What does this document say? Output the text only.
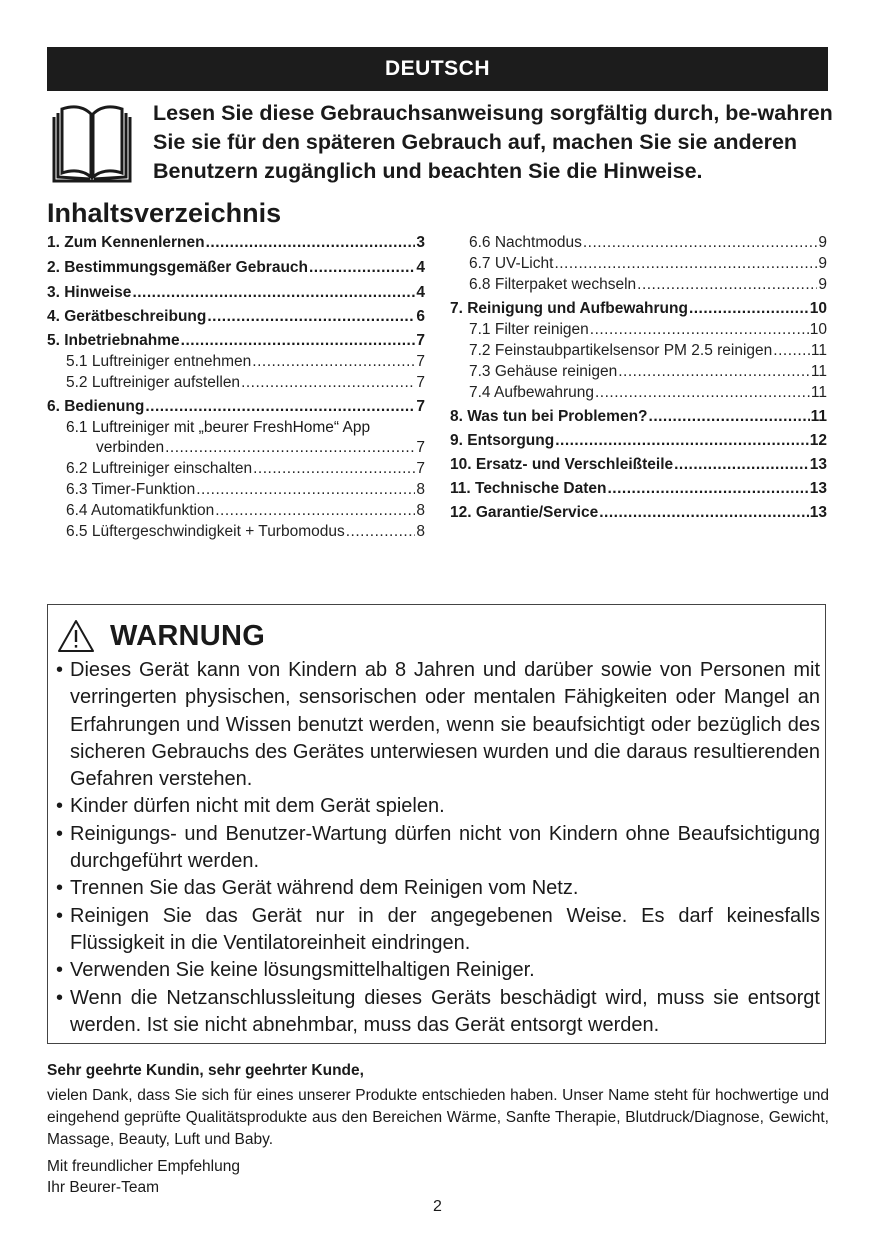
DEUTSCH
Lesen Sie diese Gebrauchsanweisung sorgfältig durch, be-wahren Sie sie für den späteren Gebrauch auf, machen Sie sie anderen Benutzern zugänglich und beachten Sie die Hinweise.
Inhaltsverzeichnis
1. Zum Kennenlernen .....	3
2. Bestimmungsgemäßer Gebrauch .....	4
3. Hinweise .....	4
4. Gerätbeschreibung .....	6
5. Inbetriebnahme .....	7
5.1 Luftreiniger entnehmen .....	7
5.2 Luftreiniger aufstellen .....	7
6. Bedienung .....	7
6.1 Luftreiniger mit „beurer FreshHome“ App
verbinden .....	7
6.2 Luftreiniger einschalten .....	7
6.3 Timer-Funktion .....	8
6.4 Automatikfunktion .....	8
6.5 Lüftergeschwindigkeit + Turbomodus .....	8
6.6 Nachtmodus .....	9
6.7 UV-Licht .....	9
6.8 Filterpaket wechseln .....	9
7. Reinigung und Aufbewahrung .....	10
7.1 Filter reinigen .....	10
7.2 Feinstaubpartikelsensor PM 2.5 reinigen ..... 11
7.3 Gehäuse reinigen .....	11
7.4 Aufbewahrung .....	11
8. Was tun bei Problemen? .....	11
9. Entsorgung .....	12
10. Ersatz- und Verschleißteile .....	13
11. Technische Daten .....	13
12. Garantie/Service .....	13
WARNUNG
• Dieses Gerät kann von Kindern ab 8 Jahren und darüber sowie von Personen mit verringerten physischen, sensorischen oder mentalen Fähigkeiten oder Mangel an Erfahrungen und Wissen benutzt werden, wenn sie beaufsichtigt oder bezüglich des sicheren Gebrauchs des Gerätes unterwiesen wurden und die daraus resultierenden Gefahren verstehen.
• Kinder dürfen nicht mit dem Gerät spielen.
• Reinigungs- und Benutzer-Wartung dürfen nicht von Kindern ohne Beaufsichtigung durchgeführt werden.
• Trennen Sie das Gerät während dem Reinigen vom Netz.
• Reinigen Sie das Gerät nur in der angegebenen Weise. Es darf keinesfalls Flüssigkeit in die Ventilatoreinheit eindringen.
• Verwenden Sie keine lösungsmittelhaltigen Reiniger.
• Wenn die Netzanschlussleitung dieses Geräts beschädigt wird, muss sie entsorgt werden. Ist sie nicht abnehmbar, muss das Gerät entsorgt werden.
Sehr geehrte Kundin, sehr geehrter Kunde,
vielen Dank, dass Sie sich für eines unserer Produkte entschieden haben. Unser Name steht für hochwertige und eingehend geprüfte Qualitätsprodukte aus den Bereichen Wärme, Sanfte Therapie, Blutdruck/Diagnose, Gewicht, Massage, Beauty, Luft und Baby.
Mit freundlicher Empfehlung
Ihr Beurer-Team
2
